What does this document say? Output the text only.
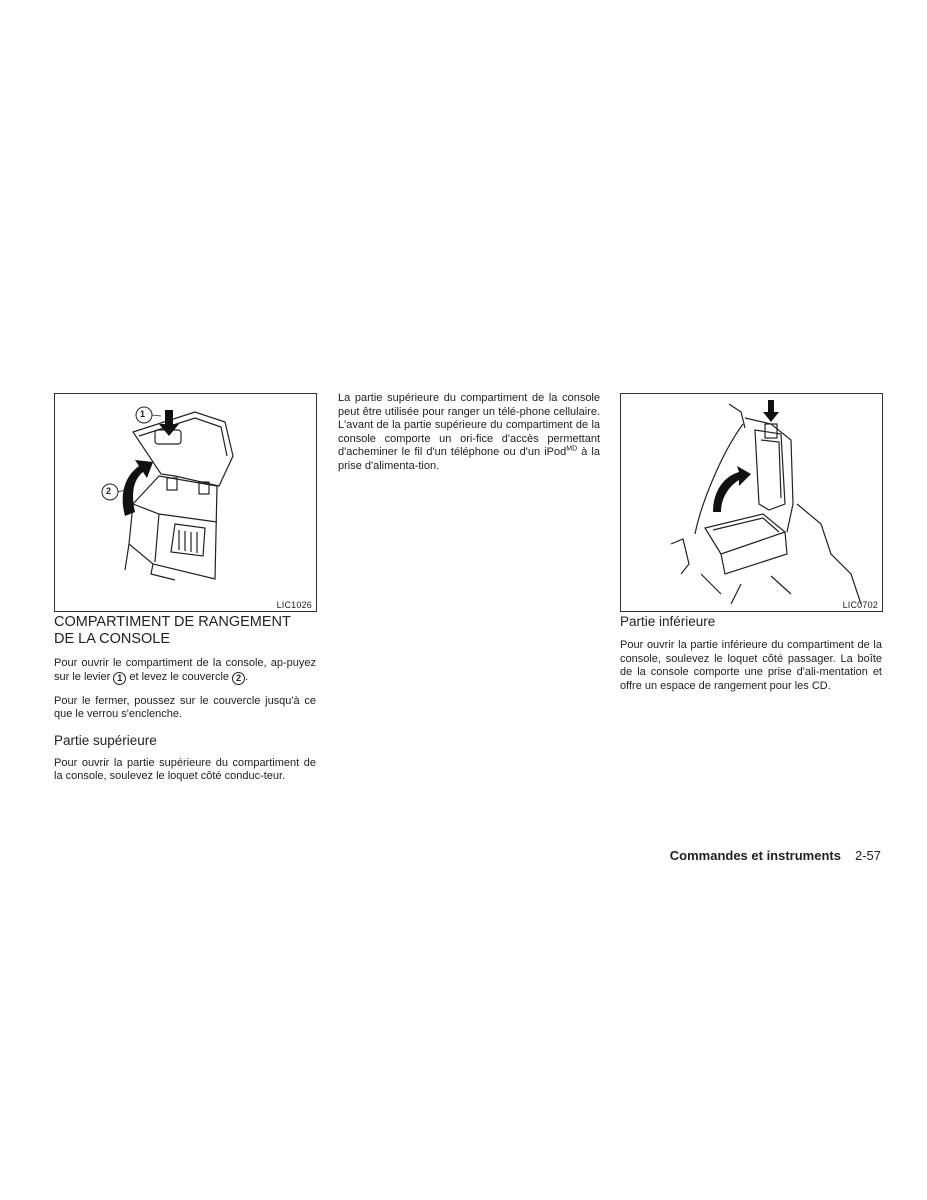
1
2
LIC1026	LIC0702
COMPARTIMENT DE RANGEMENT
DE LA CONSOLE

Pour ouvrir le compartiment de la console, ap-puyez sur le levier 1 et levez le couvercle 2 .

Pour le fermer, poussez sur le couvercle jusqu'à ce que le verrou s'enclenche.

Partie supérieure

Pour ouvrir la partie supérieure du compartiment de la console, soulevez le loquet côté conduc-teur.

La partie supérieure du compartiment de la console peut être utilisée pour ranger un télé-phone cellulaire. L'avant de la partie supérieure du compartiment de la console comporte un ori-fice d'accès permettant d'acheminer le fil d'un téléphone ou d'un iPod$^{MD}$ à la prise d'alimenta-tion.

Partie inférieure

Pour ouvrir la partie inférieure du compartiment de la console, soulevez le loquet côté passager. La boîte de la console comporte une prise d'ali-mentation et offre un espace de rangement pour les CD.

Commandes et instruments 2-57
